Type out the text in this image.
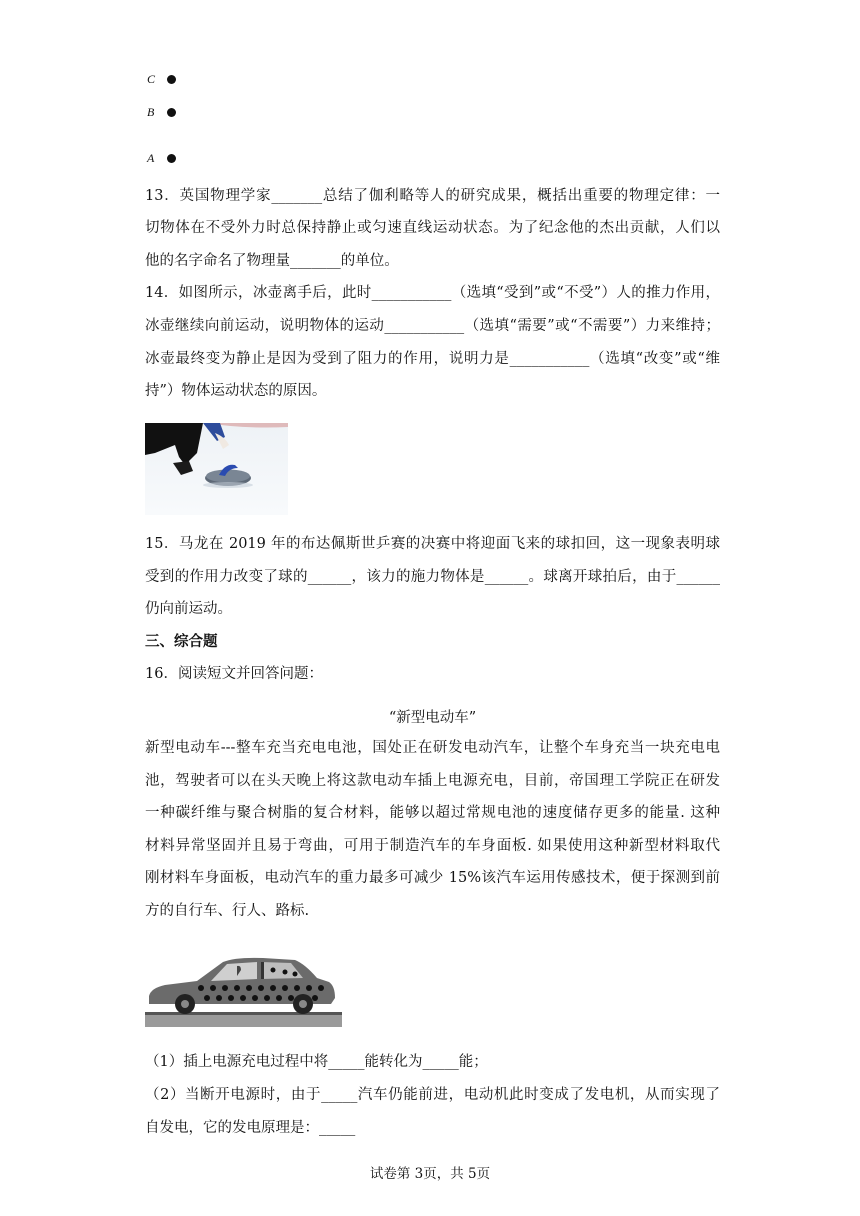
C
B
A
13．英国物理学家_______总结了伽利略等人的研究成果，概括出重要的物理定律：一
切物体在不受外力时总保持静止或匀速直线运动状态。为了纪念他的杰出贡献，人们以
他的名字命名了物理量_______的单位。
14．如图所示，冰壶离手后，此时___________（选填“受到”或“不受”）人的推力作用，
冰壶继续向前运动，说明物体的运动___________（选填“需要”或“不需要”）力来维持；
冰壶最终变为静止是因为受到了阻力的作用，说明力是___________（选填“改变”或“维
持”）物体运动状态的原因。
15．马龙在 2019 年的布达佩斯世乒赛的决赛中将迎面飞来的球扣回，这一现象表明球
受到的作用力改变了球的______，该力的施力物体是______。球离开球拍后，由于______
仍向前运动。
三、综合题
16．阅读短文并回答问题：
“新型电动车”
新型电动车---整车充当充电电池，国处正在研发电动汽车，让整个车身充当一块充电电
池，驾驶者可以在头天晚上将这款电动车插上电源充电，目前，帝国理工学院正在研发
一种碳纤维与聚合树脂的复合材料，能够以超过常规电池的速度储存更多的能量. 这种
材料异常坚固并且易于弯曲，可用于制造汽车的车身面板. 如果使用这种新型材料取代
刚材料车身面板，电动汽车的重力最多可减少 15%该汽车运用传感技术，便于探测到前
方的自行车、行人、路标.
（1）插上电源充电过程中将_____能转化为_____能；
（2）当断开电源时，由于_____汽车仍能前进，电动机此时变成了发电机，从而实现了
自发电，它的发电原理是：_____
试卷第 3页，共 5页
